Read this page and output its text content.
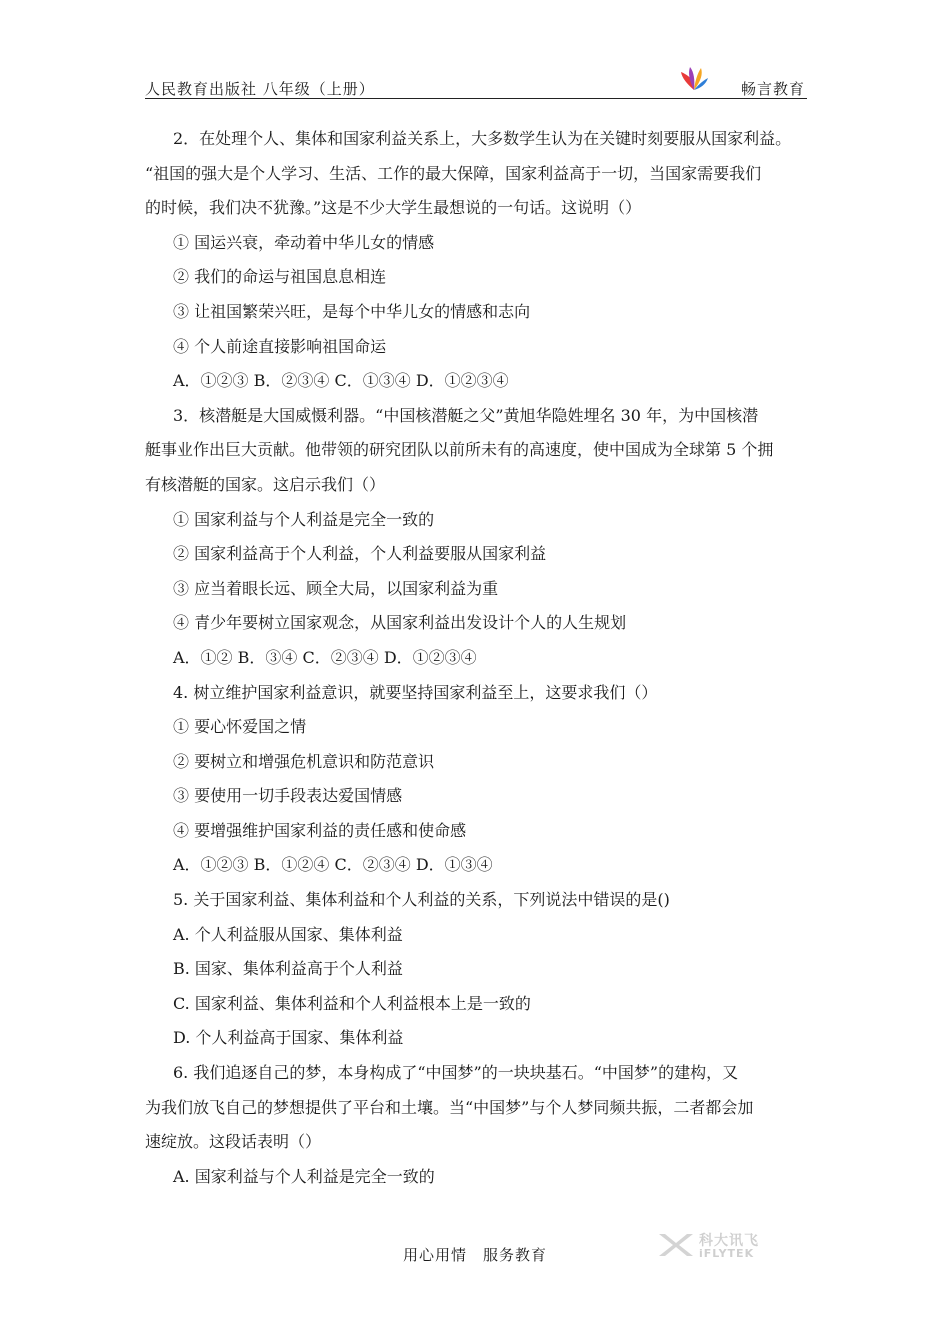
人民教育出版社 八年级（上册）	畅言教育
2．在处理个人、集体和国家利益关系上，大多数学生认为在关键时刻要服从国家利益。
“祖国的强大是个人学习、生活、工作的最大保障，国家利益高于一切，当国家需要我们
的时候，我们决不犹豫。”这是不少大学生最想说的一句话。这说明（）
① 国运兴衰，牵动着中华儿女的情感
② 我们的命运与祖国息息相连
③ 让祖国繁荣兴旺，是每个中华儿女的情感和志向
④ 个人前途直接影响祖国命运
A．①②③ B．②③④ C．①③④ D．①②③④
3．核潜艇是大国威慑利器。“中国核潜艇之父”黄旭华隐姓埋名 30 年，为中国核潜
艇事业作出巨大贡献。他带领的研究团队以前所未有的高速度，使中国成为全球第 5 个拥
有核潜艇的国家。这启示我们（）
① 国家利益与个人利益是完全一致的
② 国家利益高于个人利益，个人利益要服从国家利益
③ 应当着眼长远、顾全大局，以国家利益为重
④ 青少年要树立国家观念，从国家利益出发设计个人的人生规划
A．①② B．③④ C．②③④ D．①②③④
4. 树立维护国家利益意识，就要坚持国家利益至上，这要求我们（）
① 要心怀爱国之情
② 要树立和增强危机意识和防范意识
③ 要使用一切手段表达爱国情感
④ 要增强维护国家利益的责任感和使命感
A．①②③ B．①②④ C．②③④ D．①③④
5. 关于国家利益、集体利益和个人利益的关系，下列说法中错误的是()
A. 个人利益服从国家、集体利益
B. 国家、集体利益高于个人利益
C. 国家利益、集体利益和个人利益根本上是一致的
D. 个人利益高于国家、集体利益
6. 我们追逐自己的梦，本身构成了“中国梦”的一块块基石。“中国梦”的建构，又
为我们放飞自己的梦想提供了平台和土壤。当“中国梦”与个人梦同频共振，二者都会加
速绽放。这段话表明（）
A. 国家利益与个人利益是完全一致的
用心用情　服务教育
科大讯飞
iFLYTEK
